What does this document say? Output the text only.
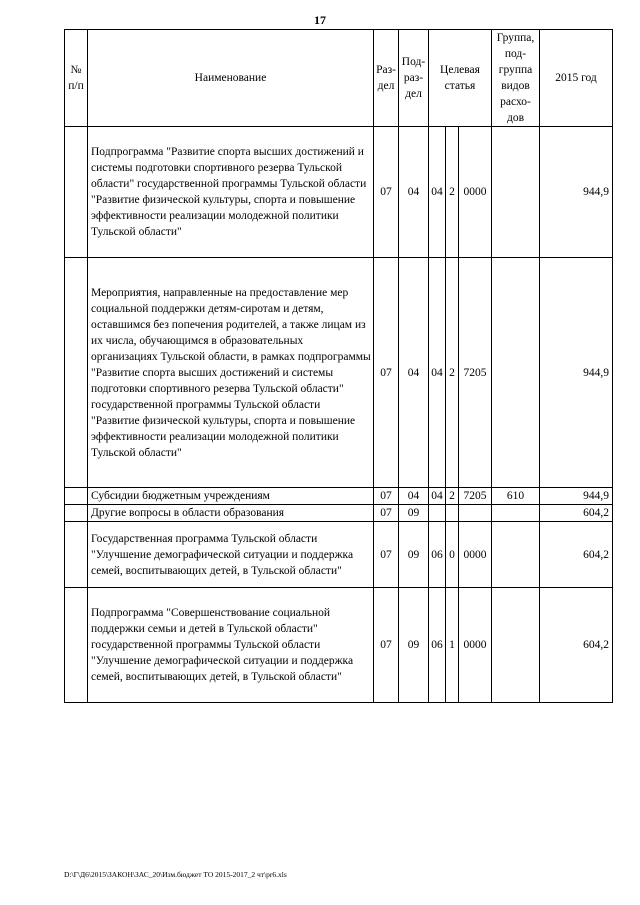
17
№ п/п	Наименование	Раз-дел	Под-раз-дел	Целевая статья			Группа, под-группа видов расхо-дов	2015 год
	Подпрограмма "Развитие спорта высших достижений и системы подготовки спортивного резерва Тульской области" государственной программы Тульской области "Развитие физической культуры, спорта и повышение эффективности реализации молодежной политики Тульской области"	07	04	04	2	0000		944,9
	Мероприятия, направленные на предоставление мер социальной поддержки детям-сиротам и детям, оставшимся без попечения родителей, а также лицам из их числа, обучающимся в образовательных организациях Тульской области, в рамках подпрограммы "Развитие спорта высших достижений и системы подготовки спортивного резерва Тульской области" государственной программы Тульской области "Развитие физической культуры, спорта и повышение эффективности реализации молодежной политики Тульской области"	07	04	04	2	7205		944,9
	Субсидии бюджетным учреждениям	07	04	04	2	7205	610	944,9
	Другие вопросы в области образования	07	09					604,2
	Государственная программа Тульской области "Улучшение демографической ситуации и поддержка семей, воспитывающих детей, в Тульской области"	07	09	06	0	0000		604,2
	Подпрограмма "Совершенствование социальной поддержки семьи и детей в Тульской области" государственной программы Тульской области "Улучшение демографической ситуации и поддержка семей, воспитывающих детей, в Тульской области"	07	09	06	1	0000		604,2
D:\Г\Д6\2015\ЗАКОН\ЗАС_20\Изм.бюджет ТО 2015-2017_2 чт\pr6.xls
